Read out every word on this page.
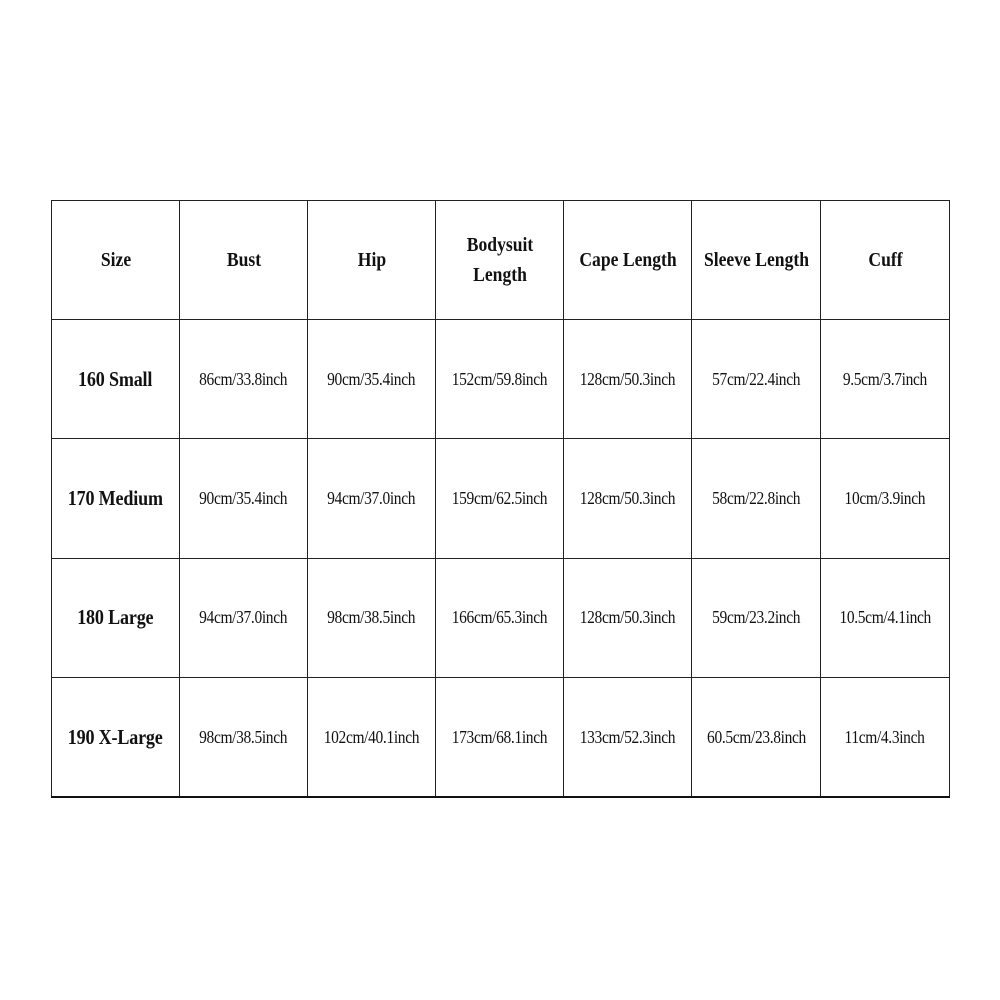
Size	Bust	Hip	Bodysuit Length	Cape Length	Sleeve Length	Cuff
160 Small	86cm/33.8inch	90cm/35.4inch	152cm/59.8inch	128cm/50.3inch	57cm/22.4inch	9.5cm/3.7inch
170 Medium	90cm/35.4inch	94cm/37.0inch	159cm/62.5inch	128cm/50.3inch	58cm/22.8inch	10cm/3.9inch
180 Large	94cm/37.0inch	98cm/38.5inch	166cm/65.3inch	128cm/50.3inch	59cm/23.2inch	10.5cm/4.1inch
190 X-Large	98cm/38.5inch	102cm/40.1inch	173cm/68.1inch	133cm/52.3inch	60.5cm/23.8inch	11cm/4.3inch
